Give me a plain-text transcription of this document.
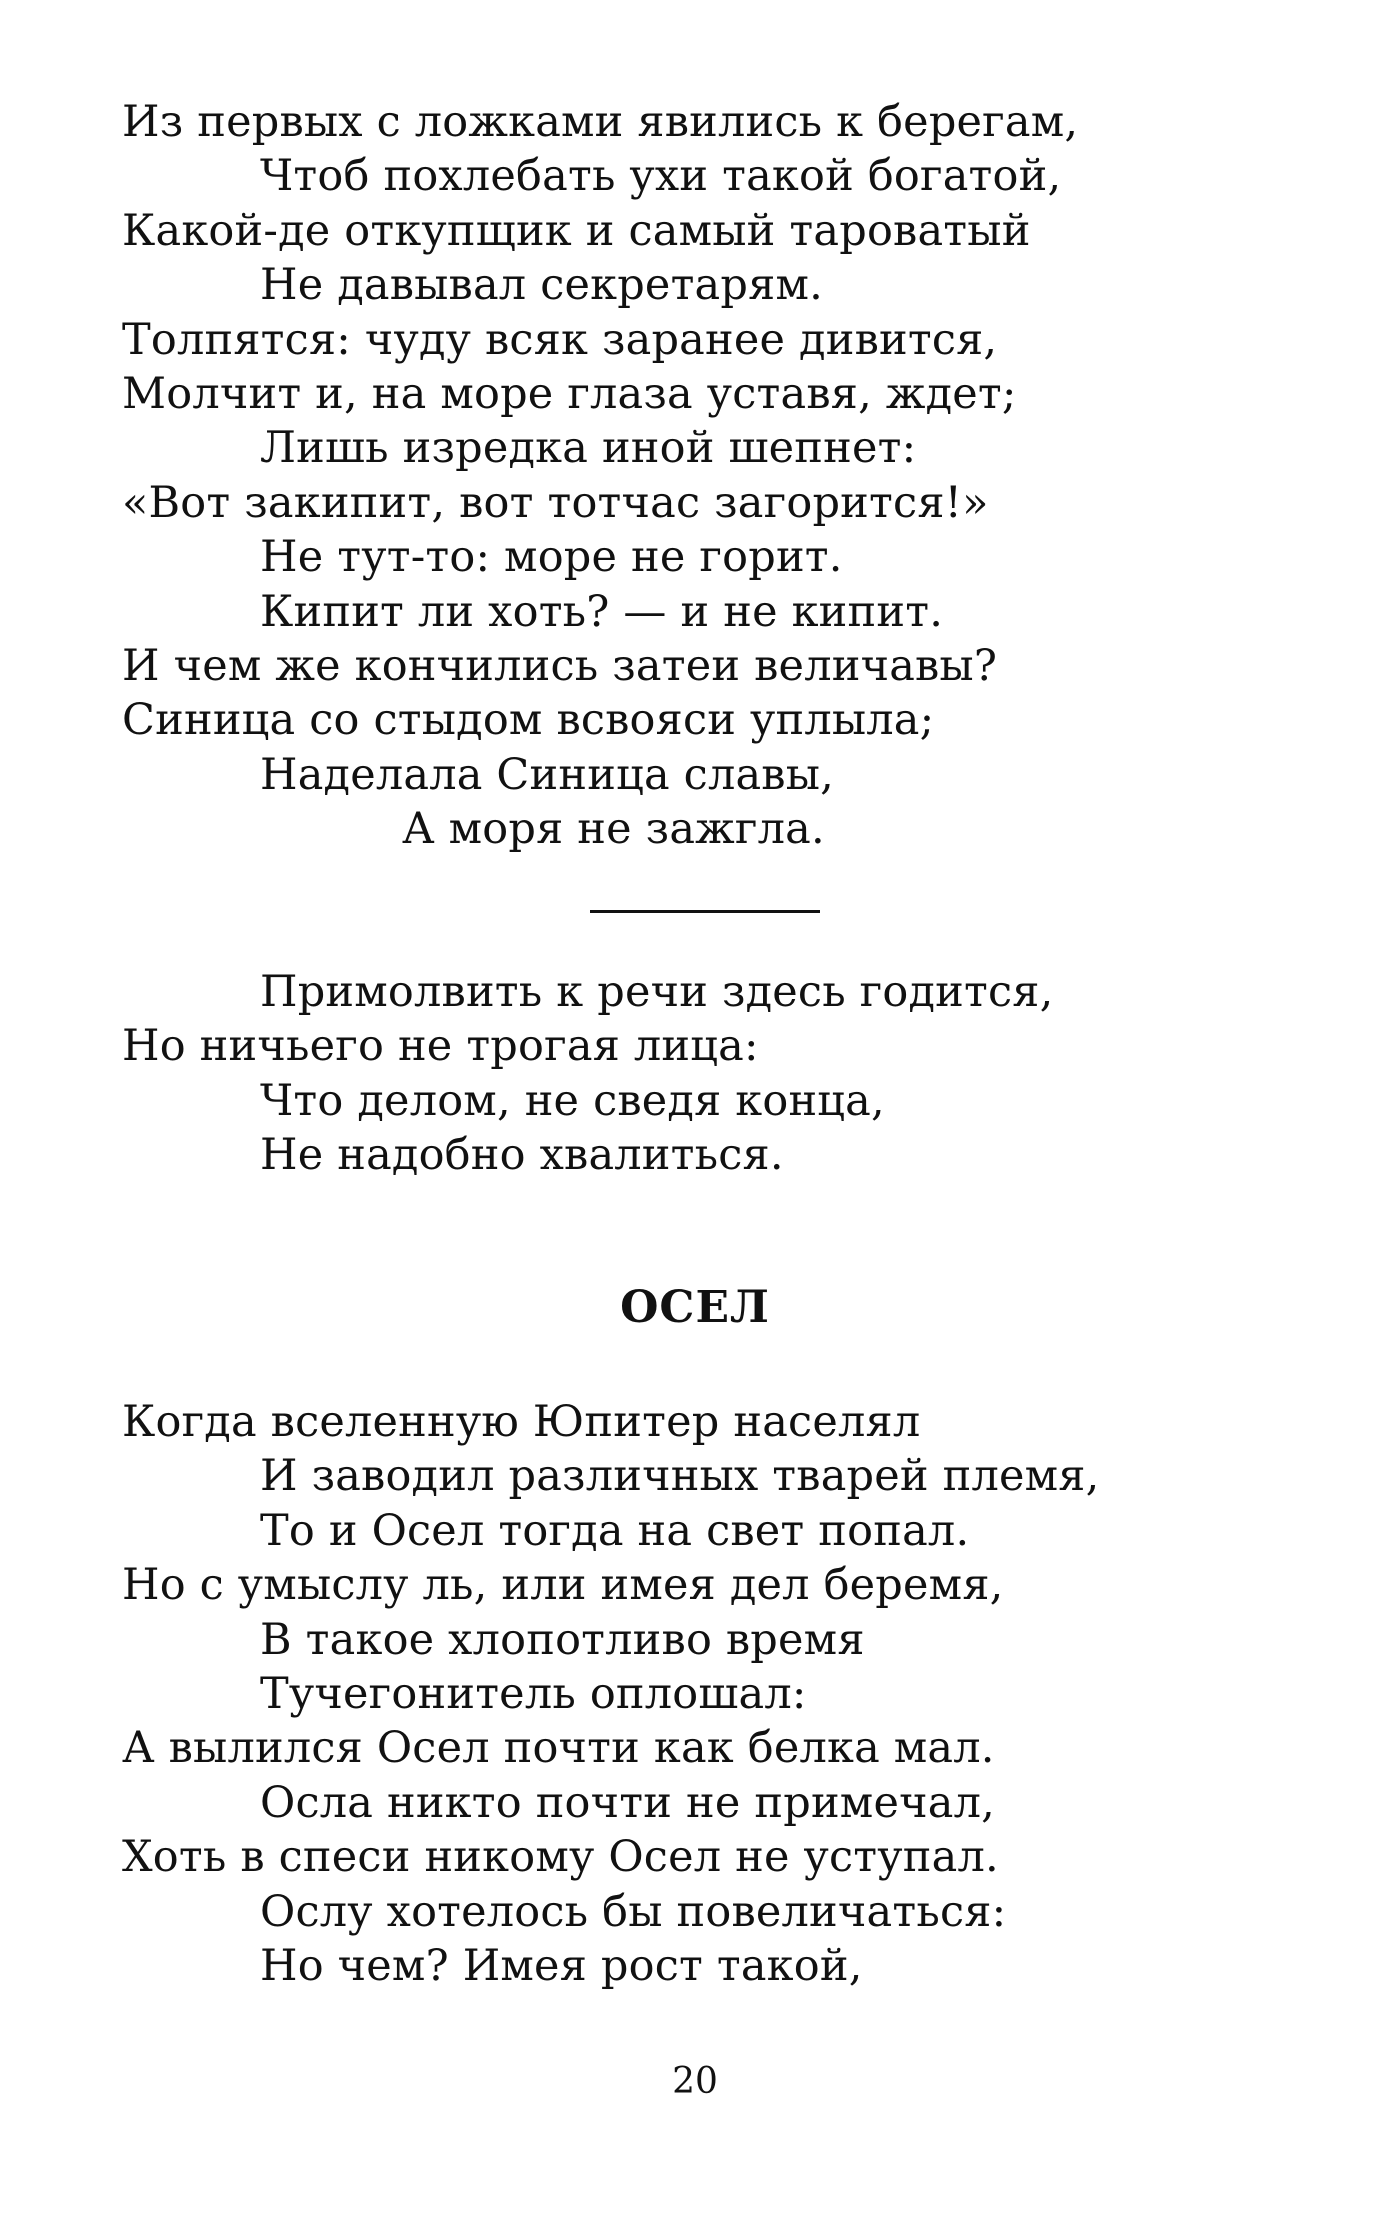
Из первых с ложками явились к берегам,
Чтоб похлебать ухи такой богатой,
Какой-де откупщик и самый тароватый
Не давывал секретарям.
Толпятся: чуду всяк заранее дивится,
Молчит и, на море глаза уставя, ждет;
Лишь изредка иной шепнет:
«Вот закипит, вот тотчас загорится!»
Не тут-то: море не горит.
Кипит ли хоть? — и не кипит.
И чем же кончились затеи величавы?
Синица со стыдом всвояси уплыла;
Наделала Синица славы,
А моря не зажгла.
Примолвить к речи здесь годится,
Но ничьего не трогая лица:
Что делом, не сведя конца,
Не надобно хвалиться.
ОСЕЛ
Когда вселенную Юпитер населял
И заводил различных тварей племя,
То и Осел тогда на свет попал.
Но с умыслу ль, или имея дел беремя,
В такое хлопотливо время
Тучегонитель оплошал:
А вылился Осел почти как белка мал.
Осла никто почти не примечал,
Хоть в спеси никому Осел не уступал.
Ослу хотелось бы повеличаться:
Но чем? Имея рост такой,
20
